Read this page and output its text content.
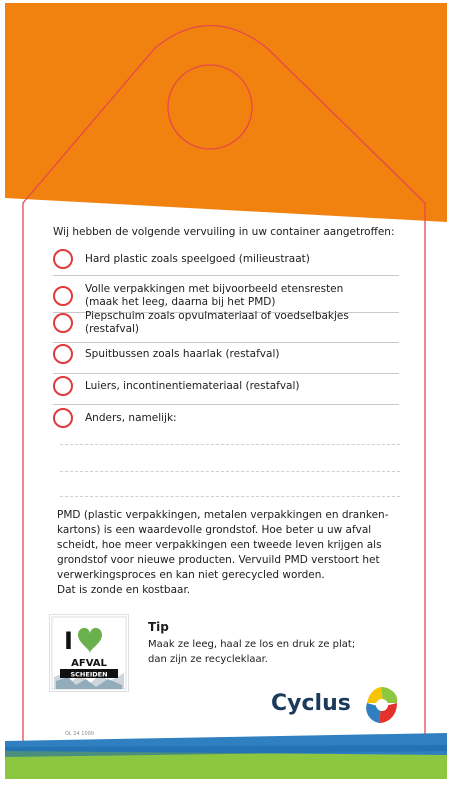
Wij hebben de volgende vervuiling in uw container aangetroffen:
Hard plastic zoals speelgoed (milieustraat)
Volle verpakkingen met bijvoorbeeld etensresten
(maak het leeg, daarna bij het PMD)
Piepschuim zoals opvulmateriaal of voedselbakjes (restafval)
Spuitbussen zoals haarlak (restafval)
Luiers, incontinentiemateriaal (restafval)
Anders, namelijk:
PMD (plastic verpakkingen, metalen verpakkingen en dranken-
kartons) is een waardevolle grondstof. Hoe beter u uw afval
scheidt, hoe meer verpakkingen een tweede leven krijgen als
grondstof voor nieuwe producten. Vervuild PMD verstoort het
verwerkingsproces en kan niet gerecycled worden.
Dat is zonde en kostbaar.
I
AFVAL
SCHEIDEN
Tip
Maak ze leeg, haal ze los en druk ze plat;
dan zijn ze recycleklaar.
Cyclus
OL 24 1000
